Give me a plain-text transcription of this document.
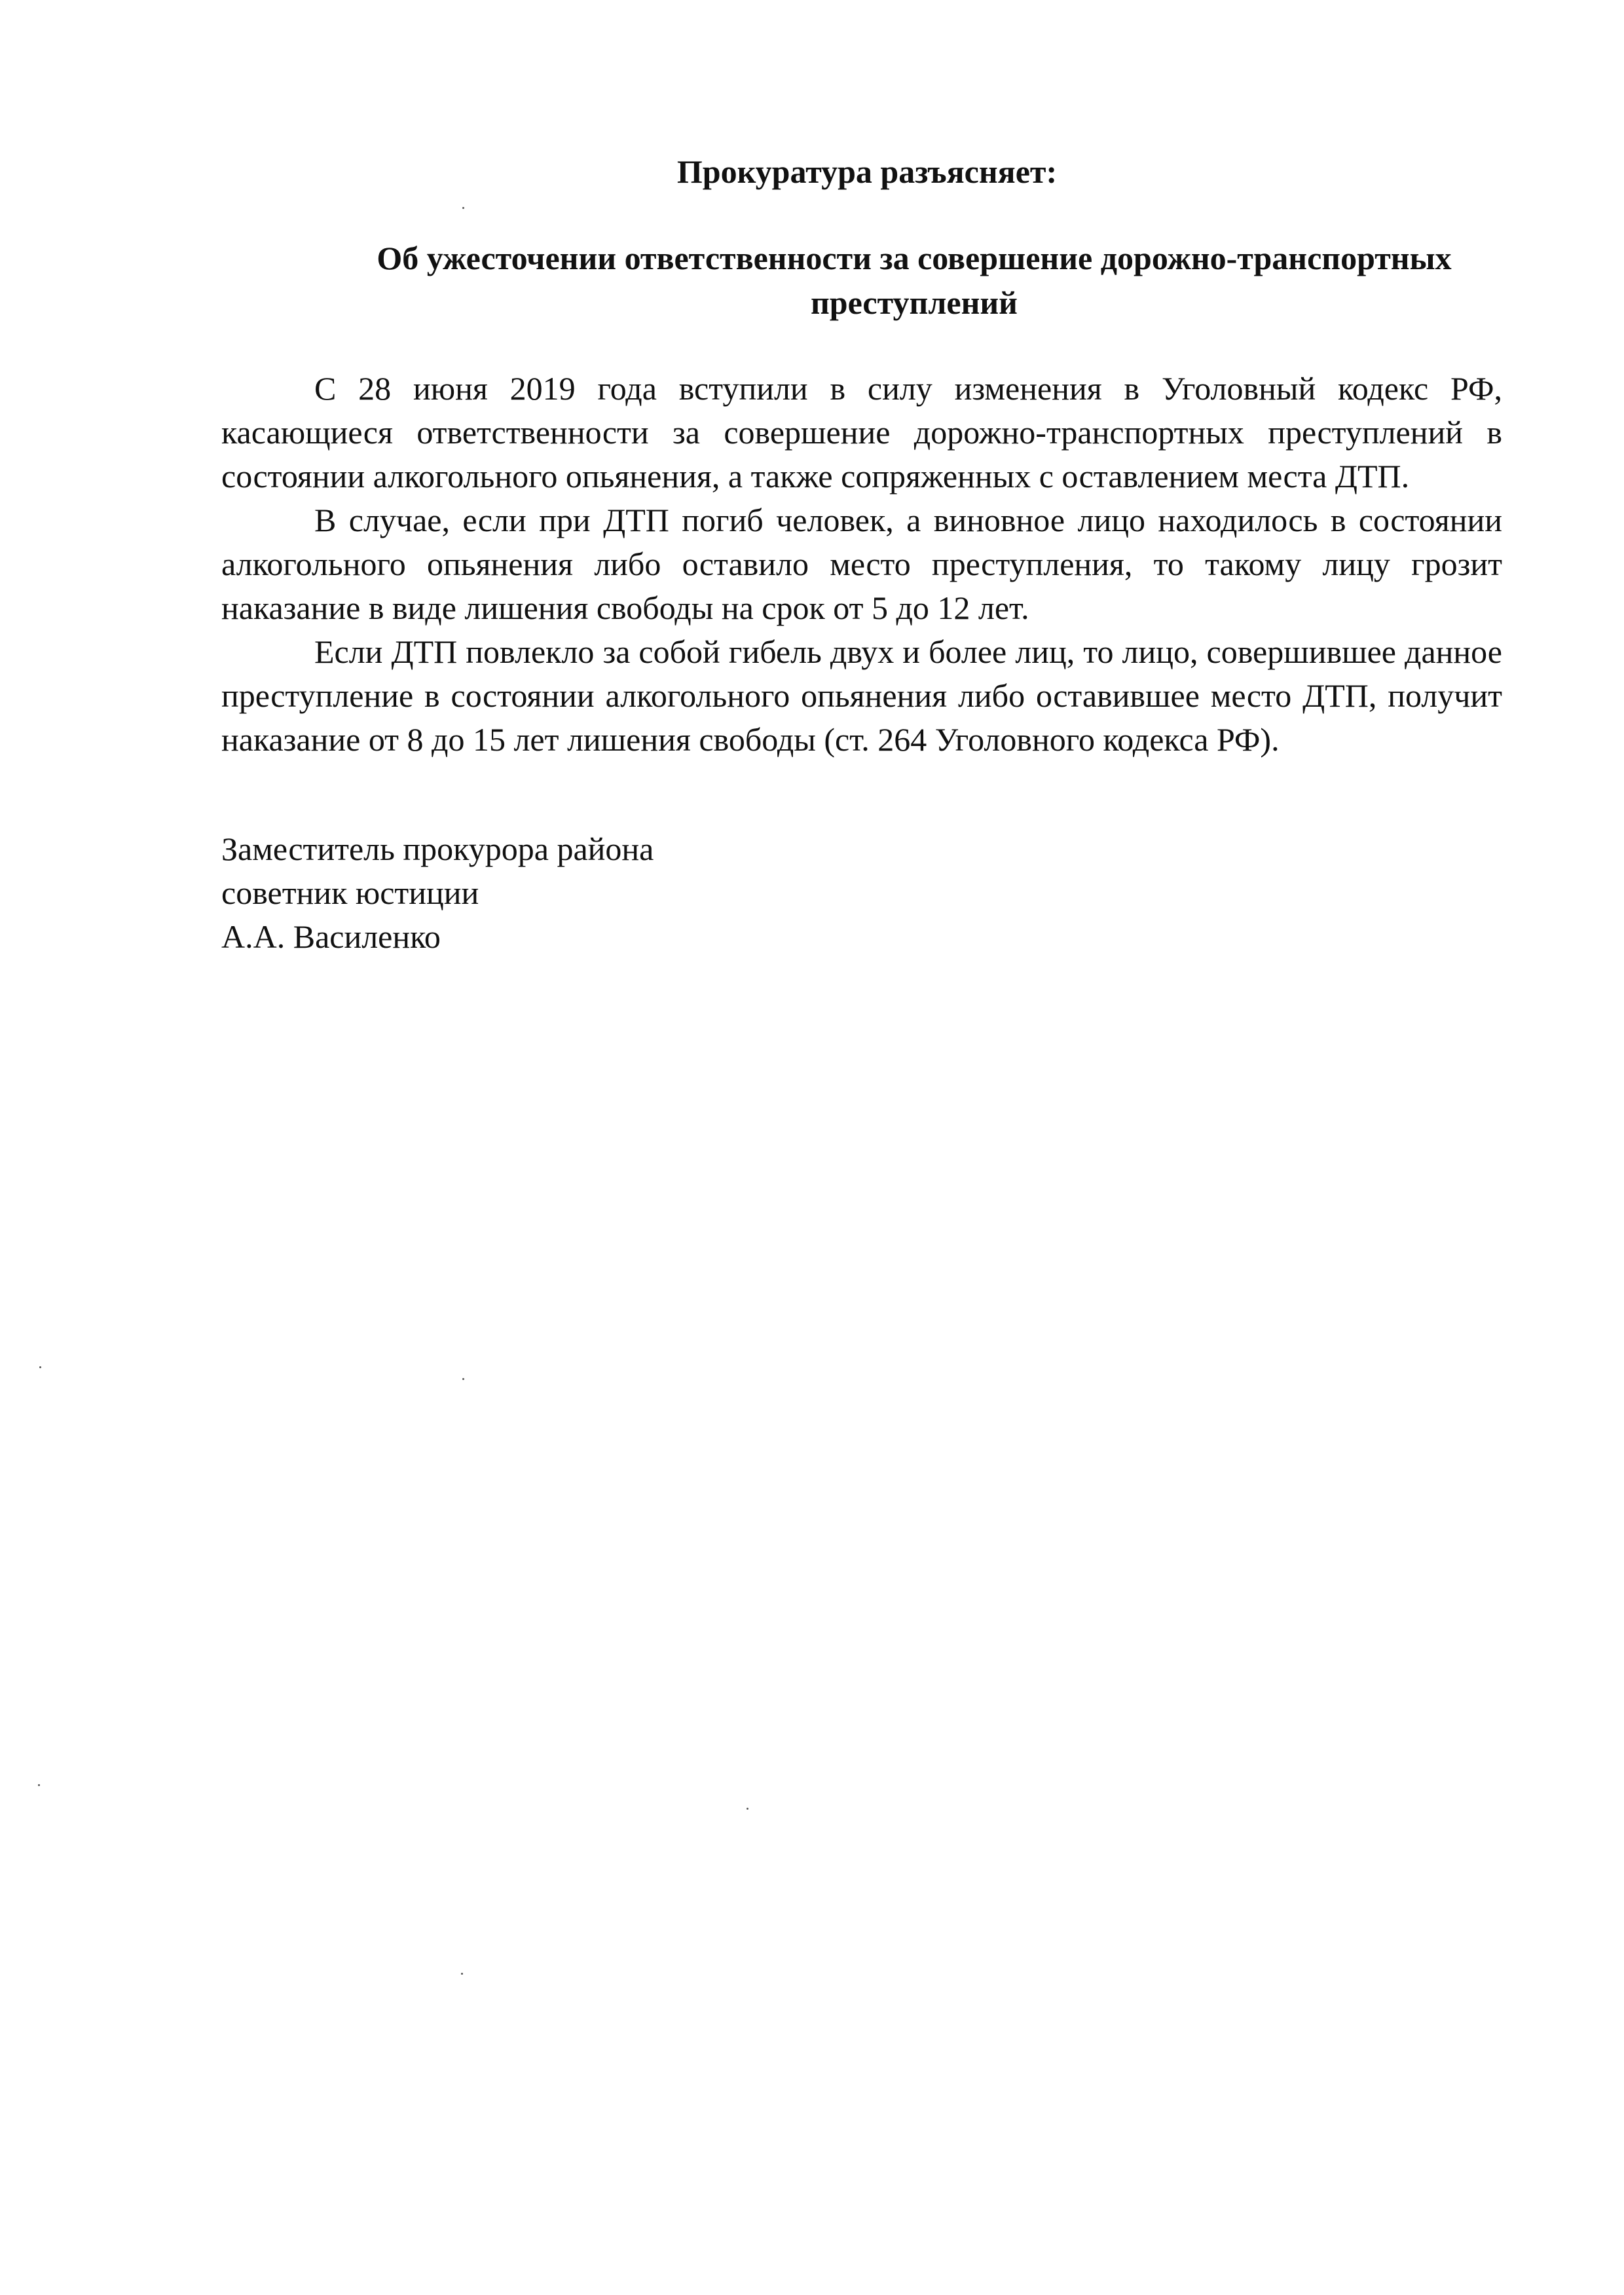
Прокуратура разъясняет:
Об ужесточении ответственности за совершение дорожно-транспортных преступлений

С 28 июня 2019 года вступили в силу изменения в Уголовный кодекс РФ, касающиеся ответственности за совершение дорожно-транспортных преступлений в состоянии алкогольного опьянения, а также сопряженных с оставлением места ДТП.

В случае, если при ДТП погиб человек, а виновное лицо находилось в состоянии алкогольного опьянения либо оставило место преступления, то такому лицу грозит наказание в виде лишения свободы на срок от 5 до 12 лет.

Если ДТП повлекло за собой гибель двух и более лиц, то лицо, совершившее данное преступление в состоянии алкогольного опьянения либо оставившее место ДТП, получит наказание от 8 до 15 лет лишения свободы (ст. 264 Уголовного кодекса РФ).

Заместитель прокурора района
советник юстиции
А.А. Василенко
